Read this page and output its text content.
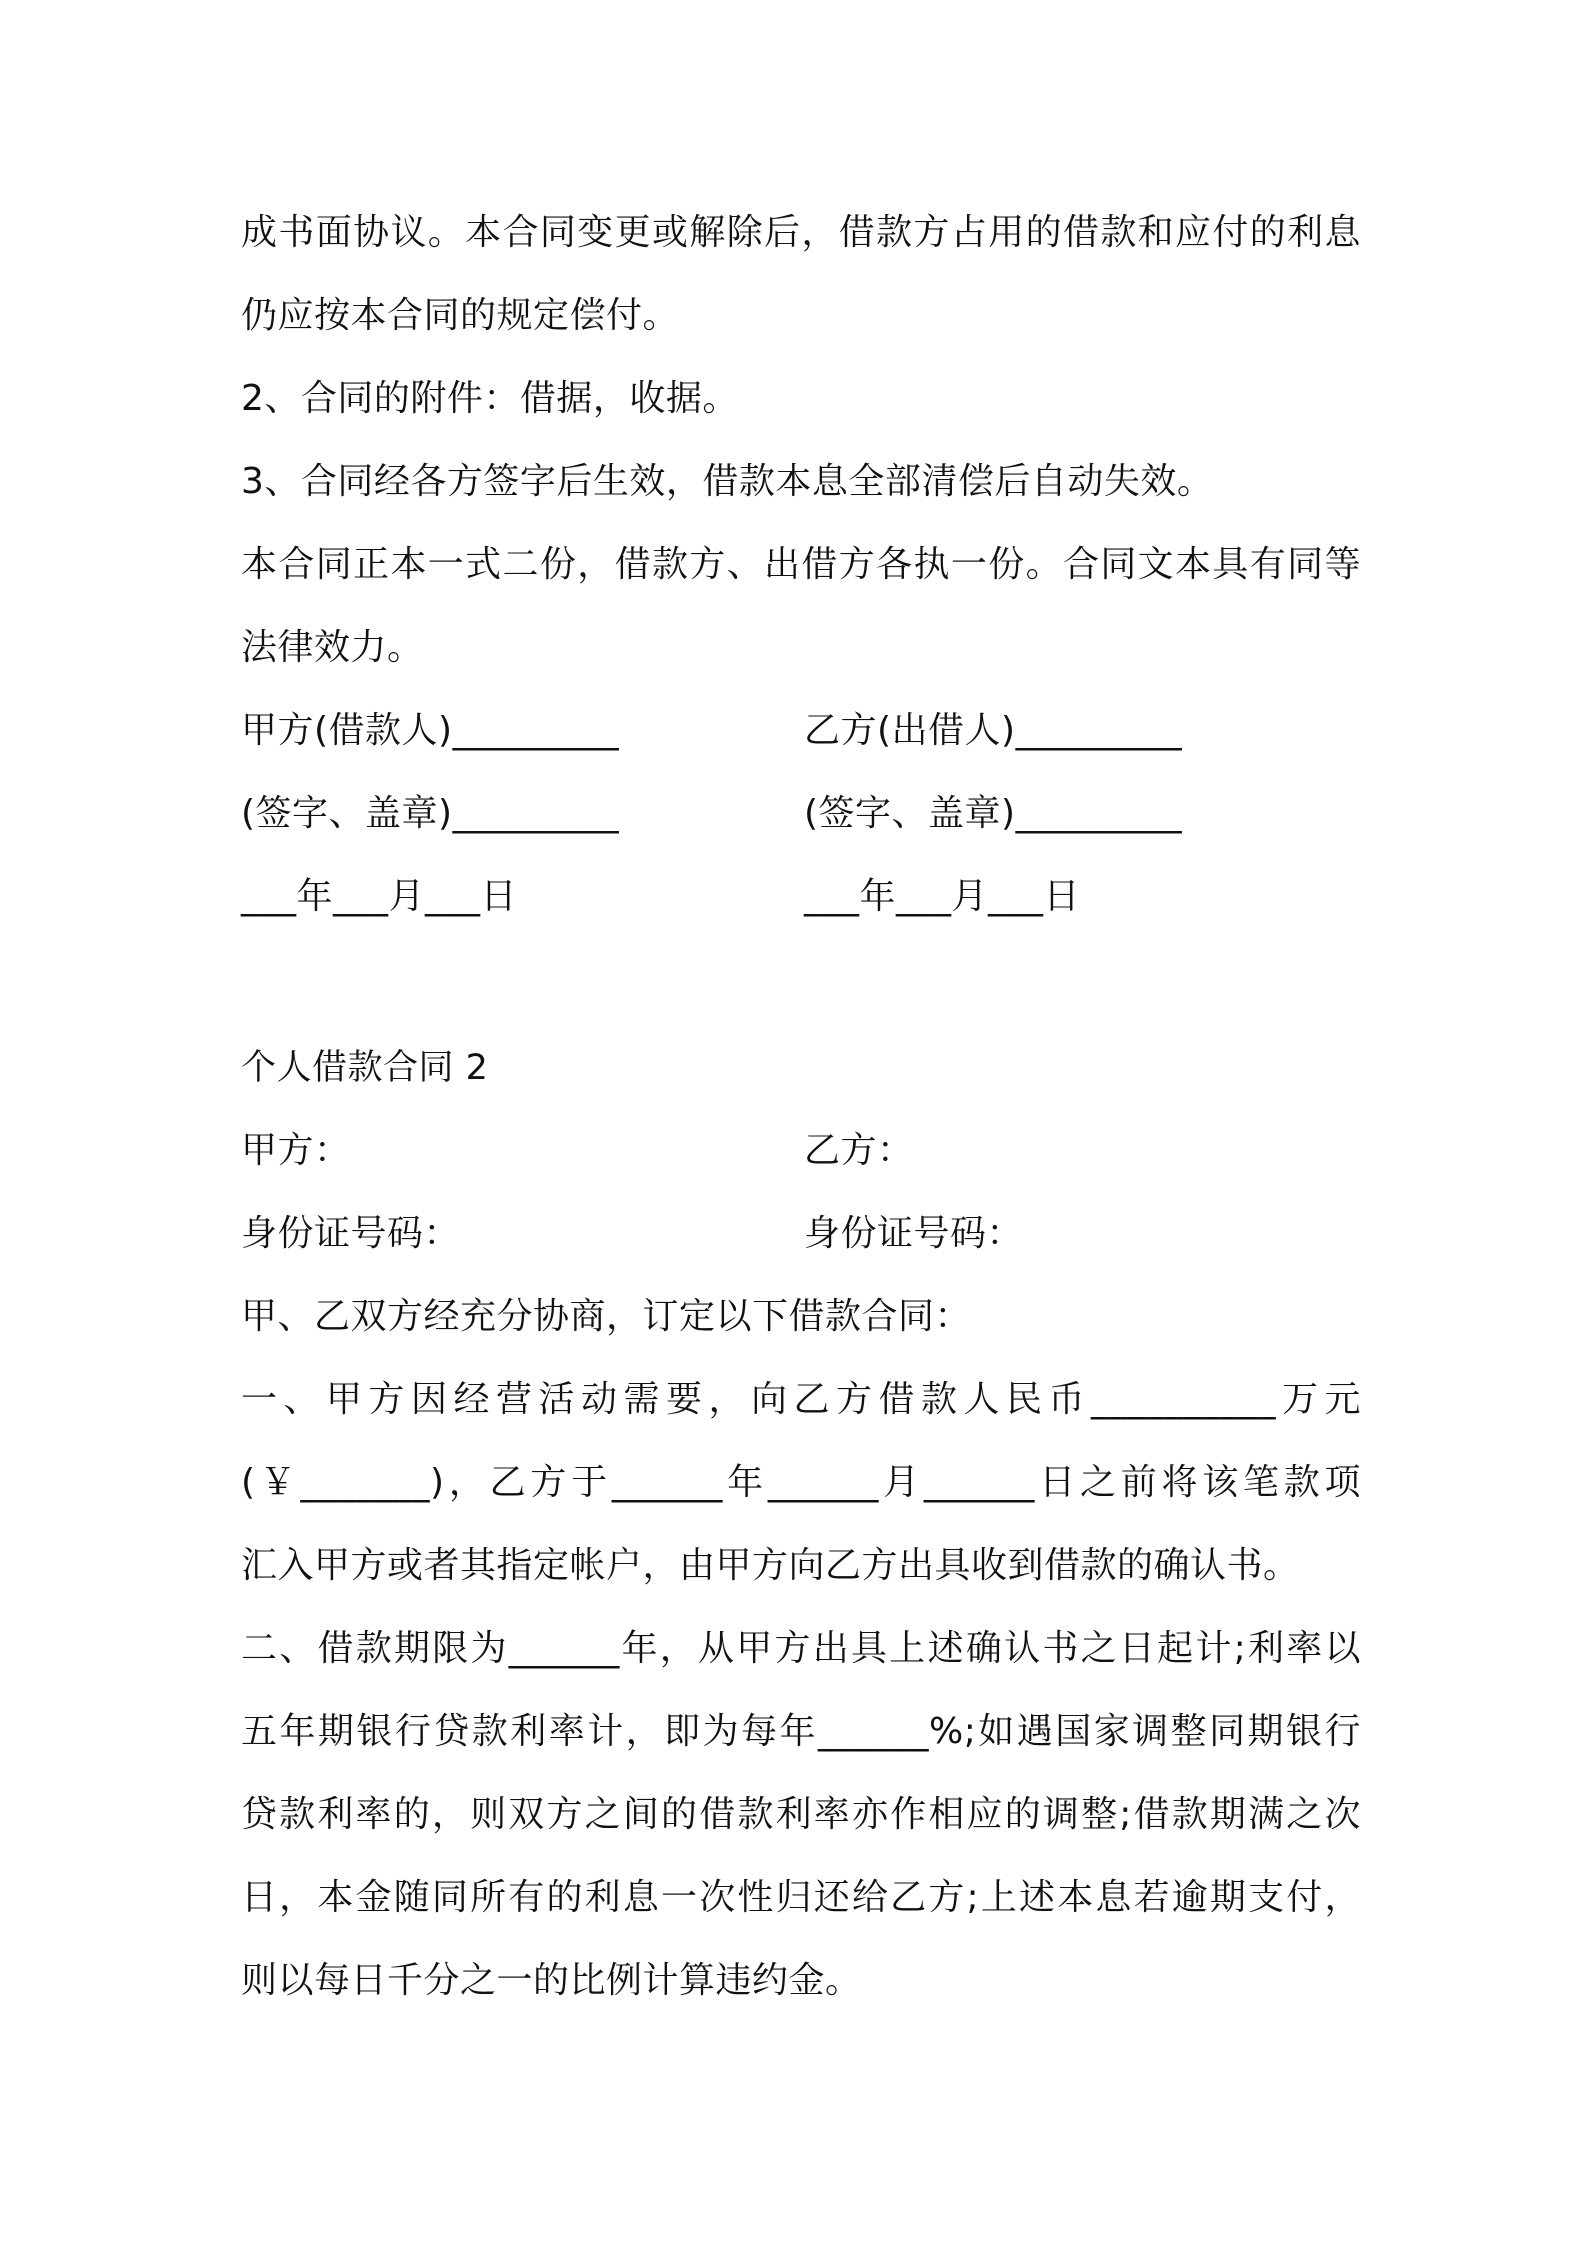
成书面协议。本合同变更或解除后，借款方占用的借款和应付的利息
仍应按本合同的规定偿付。
2、合同的附件：借据，收据。
3、合同经各方签字后生效，借款本息全部清偿后自动失效。
本合同正本一式二份，借款方、出借方各执一份。合同文本具有同等
法律效力。
甲方(借款人)_________	乙方(出借人)_________
(签字、盖章)_________	(签字、盖章)_________
___年___月___日	___年___月___日
个人借款合同 2
甲方：	乙方：
身份证号码：	身份证号码：
甲、乙双方经充分协商，订定以下借款合同：
一、甲方因经营活动需要，向乙方借款人民币__________万元
(￥_______)，乙方于______年______月______日之前将该笔款项
汇入甲方或者其指定帐户，由甲方向乙方出具收到借款的确认书。
二、借款期限为______年，从甲方出具上述确认书之日起计;利率以
五年期银行贷款利率计，即为每年______%;如遇国家调整同期银行
贷款利率的，则双方之间的借款利率亦作相应的调整;借款期满之次
日，本金随同所有的利息一次性归还给乙方;上述本息若逾期支付，
则以每日千分之一的比例计算违约金。
